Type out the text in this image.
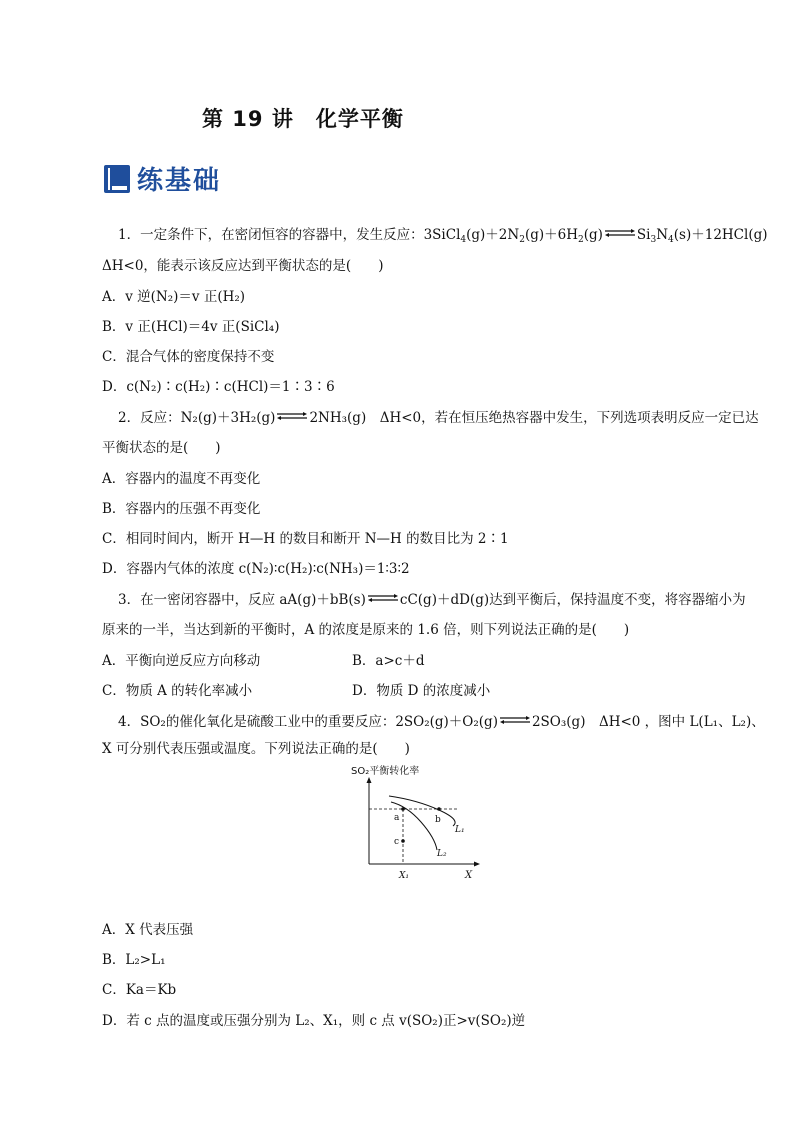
第 19 讲　化学平衡
练基础
1．一定条件下，在密闭恒容的容器中，发生反应：$3SiCl_4(g)+2N_2(g)+6H_2(g)\rightleftharpoons Si_3N_4(s)+12HCl(g)$
ΔH<0，能表示该反应达到平衡状态的是(　　)
A．v 逆(N₂)＝v 正(H₂)
B．v 正(HCl)＝4v 正(SiCl₄)
C．混合气体的密度保持不变
D．c(N₂)∶c(H₂)∶c(HCl)＝1∶3∶6
2．反应：N₂(g)＋3H₂(g)⇌2NH₃(g)　ΔH<0，若在恒压绝热容器中发生，下列选项表明反应一定已达
平衡状态的是(　　)
A．容器内的温度不再变化
B．容器内的压强不再变化
C．相同时间内，断开 H—H 的数目和断开 N—H 的数目比为 2∶1
D．容器内气体的浓度 c(N₂)∶c(H₂)∶c(NH₃)＝1∶3∶2
3．在一密闭容器中，反应 aA(g)＋bB(s)⇌cC(g)＋dD(g)达到平衡后，保持温度不变，将容器缩小为
原来的一半，当达到新的平衡时，A 的浓度是原来的 1.6 倍，则下列说法正确的是(　　)
A．平衡向逆反应方向移动	B．a>c＋d
C．物质 A 的转化率减小	D．物质 D 的浓度减小
4．SO₂的催化氧化是硫酸工业中的重要反应：2SO₂(g)＋O₂(g)⇌2SO₃(g)　ΔH<0 ，图中 L(L₁、L₂)、
X 可分别代表压强或温度。下列说法正确的是(　　)
SO₂平衡转化率
X
X₁
a	b
c
L₁
L₂
A．X 代表压强
B．L₂>L₁
C．Ka＝Kb
D．若 c 点的温度或压强分别为 L₂、X₁，则 c 点 v(SO₂)正>v(SO₂)逆
